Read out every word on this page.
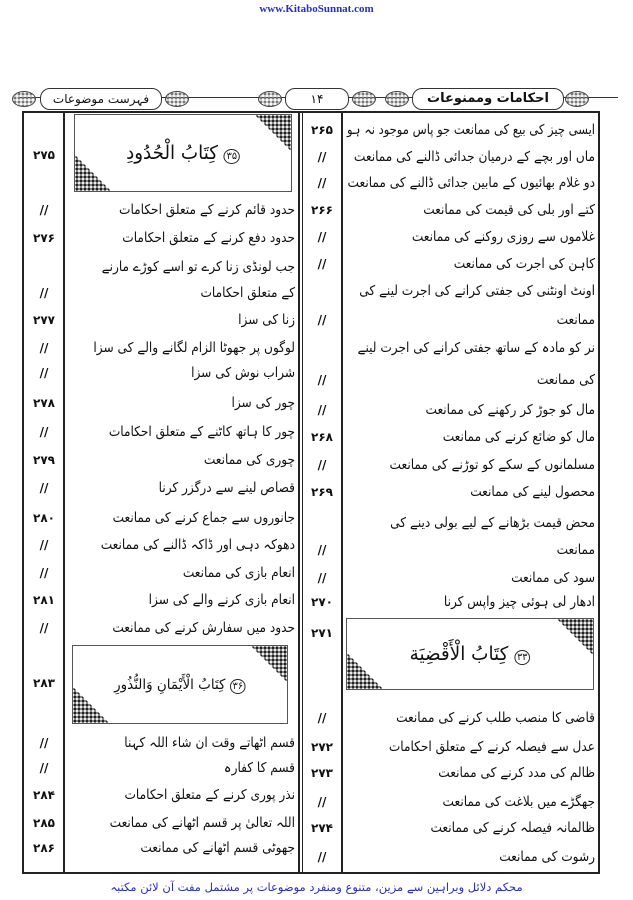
www.KitaboSunnat.com
فہرست موضوعات	۱۴	احکامات وممنوعات
۳۵ كِتَابُ الْحُدُودِ
۳۶ كِتَابُ الْأَيْمَانِ وَالنُّذُورِ
۳۳ كِتَابُ الْأَقْضِيَة
۲۷۵
۲۸۳
۲۷۱
ایسی چیز کی بیع کی ممانعت جو پاس موجود نہ ہو
۲۶۵
ماں اور بچے کے درمیان جدائی ڈالنے کی ممانعت
//
دو غلام بھائیوں کے مابین جدائی ڈالنے کی ممانعت
//
کتے اور بلی کی قیمت کی ممانعت
۲۶۶
غلاموں سے روزی روکنے کی ممانعت
//
کاہن کی اجرت کی ممانعت
//
اونٹ اونٹنی کی جفتی کرانے کی اجرت لینے کی
ممانعت
//
نر کو مادہ کے ساتھ جفتی کرانے کی اجرت لینے
کی ممانعت
//
مال کو جوڑ کر رکھنے کی ممانعت
//
مال کو ضائع کرنے کی ممانعت
۲۶۸
مسلمانوں کے سکے کو توڑنے کی ممانعت
//
محصول لینے کی ممانعت
۲۶۹
محض قیمت بڑھانے کے لیے بولی دینے کی
ممانعت
//
سود کی ممانعت
//
ادھار لی ہوئی چیز واپس کرنا
۲۷۰
قاضی کا منصب طلب کرنے کی ممانعت
//
عدل سے فیصلہ کرنے کے متعلق احکامات
۲۷۲
ظالم کی مدد کرنے کی ممانعت
۲۷۳
جھگڑے میں بلاغت کی ممانعت
//
ظالمانہ فیصلہ کرنے کی ممانعت
۲۷۴
رشوت کی ممانعت
//
حدود قائم کرنے کے متعلق احکامات
//
حدود دفع کرنے کے متعلق احکامات
۲۷۶
جب لونڈی زنا کرے تو اسے کوڑے مارنے
کے متعلق احکامات
//
زنا کی سزا
۲۷۷
لوگوں پر جھوٹا الزام لگانے والے کی سزا
//
شراب نوش کی سزا
//
چور کی سزا
۲۷۸
چور کا ہاتھ کاٹنے کے متعلق احکامات
//
چوری کی ممانعت
۲۷۹
قصاص لینے سے درگزر کرنا
//
جانوروں سے جماع کرنے کی ممانعت
۲۸۰
دھوکہ دہی اور ڈاکہ ڈالنے کی ممانعت
//
انعام بازی کی ممانعت
//
انعام بازی کرنے والے کی سزا
۲۸۱
حدود میں سفارش کرنے کی ممانعت
//
قسم اٹھاتے وقت ان شاء اللہ کہنا
//
قسم کا کفارہ
//
نذر پوری کرنے کے متعلق احکامات
۲۸۴
اللہ تعالیٰ پر قسم اٹھانے کی ممانعت
۲۸۵
جھوٹی قسم اٹھانے کی ممانعت
۲۸۶
محکم دلائل وبراہین سے مزین، متنوع ومنفرد موضوعات پر مشتمل مفت آن لائن مکتبہ
